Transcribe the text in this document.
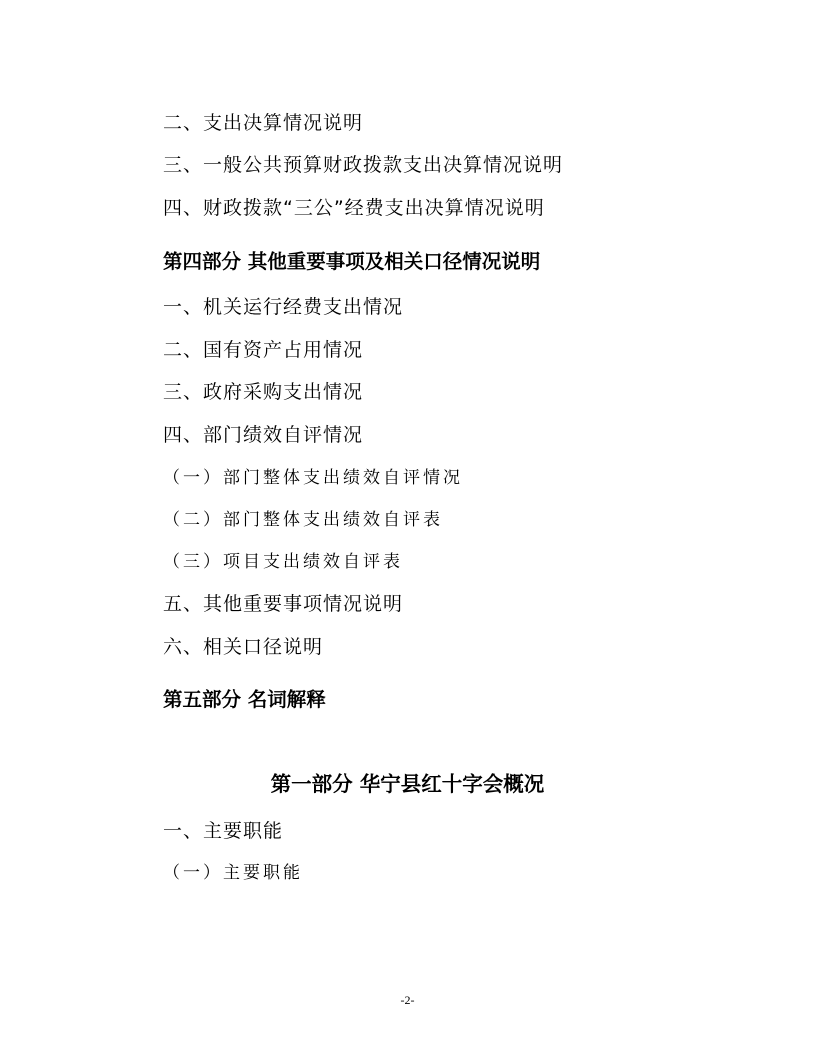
二、支出决算情况说明
三、一般公共预算财政拨款支出决算情况说明
四、财政拨款“三公”经费支出决算情况说明
第四部分 其他重要事项及相关口径情况说明
一、机关运行经费支出情况
二、国有资产占用情况
三、政府采购支出情况
四、部门绩效自评情况
（一）部门整体支出绩效自评情况
（二）部门整体支出绩效自评表
（三）项目支出绩效自评表
五、其他重要事项情况说明
六、相关口径说明
第五部分 名词解释
第一部分 华宁县红十字会概况
一、主要职能
（一）主要职能
-2-
